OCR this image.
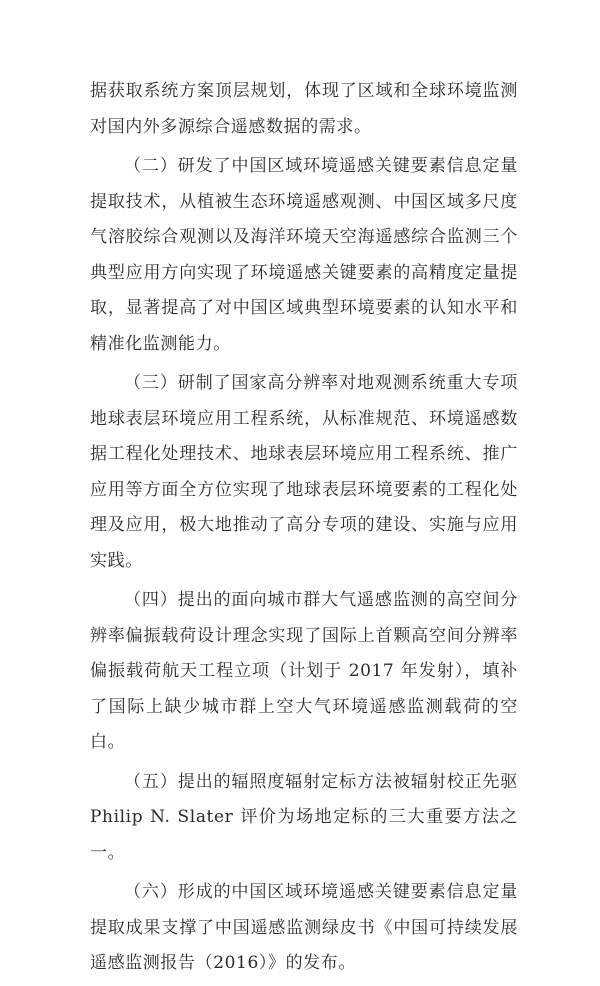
据获取系统方案顶层规划，体现了区域和全球环境监测对国内外多源综合遥感数据的需求。

（二）研发了中国区域环境遥感关键要素信息定量提取技术，从植被生态环境遥感观测、中国区域多尺度气溶胶综合观测以及海洋环境天空海遥感综合监测三个典型应用方向实现了环境遥感关键要素的高精度定量提取，显著提高了对中国区域典型环境要素的认知水平和精准化监测能力。

（三）研制了国家高分辨率对地观测系统重大专项地球表层环境应用工程系统，从标准规范、环境遥感数据工程化处理技术、地球表层环境应用工程系统、推广应用等方面全方位实现了地球表层环境要素的工程化处理及应用，极大地推动了高分专项的建设、实施与应用实践。

（四）提出的面向城市群大气遥感监测的高空间分辨率偏振载荷设计理念实现了国际上首颗高空间分辨率偏振载荷航天工程立项（计划于 2017 年发射），填补了国际上缺少城市群上空大气环境遥感监测载荷的空白。

（五）提出的辐照度辐射定标方法被辐射校正先驱 Philip N. Slater 评价为场地定标的三大重要方法之一。

（六）形成的中国区域环境遥感关键要素信息定量提取成果支撑了中国遥感监测绿皮书《中国可持续发展遥感监测报告（2016）》的发布。
